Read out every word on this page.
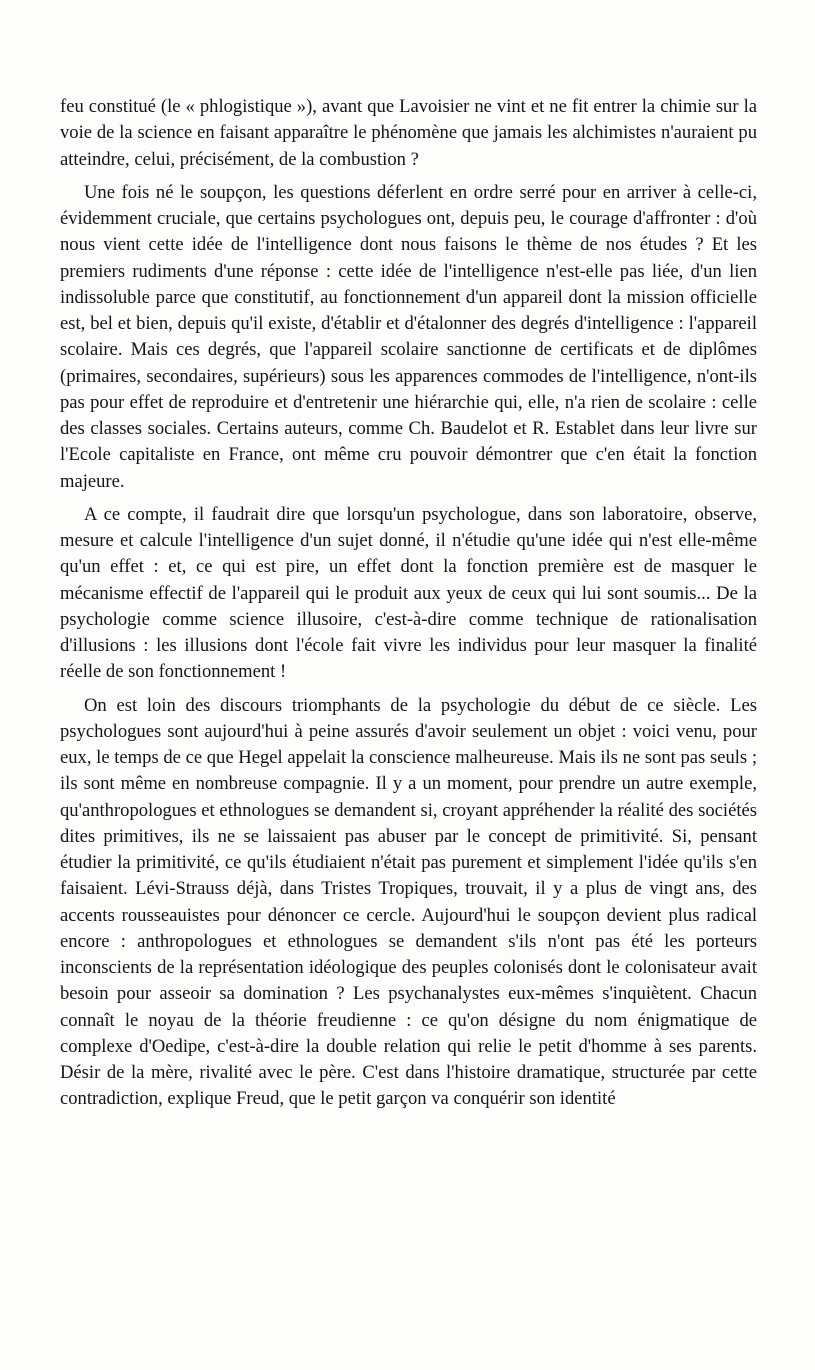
feu constitué (le « phlogistique »), avant que Lavoisier ne vint et ne fit entrer la chimie sur la voie de la science en faisant apparaître le phénomène que jamais les alchimistes n'auraient pu atteindre, celui, précisément, de la combustion ?

Une fois né le soupçon, les questions déferlent en ordre serré pour en arriver à celle-ci, évidemment cruciale, que certains psychologues ont, depuis peu, le courage d'affronter : d'où nous vient cette idée de l'intelligence dont nous faisons le thème de nos études ? Et les premiers rudiments d'une réponse : cette idée de l'intelligence n'est-elle pas liée, d'un lien indissoluble parce que constitutif, au fonctionnement d'un appareil dont la mission officielle est, bel et bien, depuis qu'il existe, d'établir et d'étalonner des degrés d'intelligence : l'appareil scolaire. Mais ces degrés, que l'appareil scolaire sanctionne de certificats et de diplômes (primaires, secondaires, supérieurs) sous les apparences commodes de l'intelligence, n'ont-ils pas pour effet de reproduire et d'entretenir une hiérarchie qui, elle, n'a rien de scolaire : celle des classes sociales. Certains auteurs, comme Ch. Baudelot et R. Establet dans leur livre sur l'Ecole capitaliste en France, ont même cru pouvoir démontrer que c'en était la fonction majeure.

A ce compte, il faudrait dire que lorsqu'un psychologue, dans son laboratoire, observe, mesure et calcule l'intelligence d'un sujet donné, il n'étudie qu'une idée qui n'est elle-même qu'un effet : et, ce qui est pire, un effet dont la fonction première est de masquer le mécanisme effectif de l'appareil qui le produit aux yeux de ceux qui lui sont soumis... De la psychologie comme science illusoire, c'est-à-dire comme technique de rationalisation d'illusions : les illusions dont l'école fait vivre les individus pour leur masquer la finalité réelle de son fonctionnement !

On est loin des discours triomphants de la psychologie du début de ce siècle. Les psychologues sont aujourd'hui à peine assurés d'avoir seulement un objet : voici venu, pour eux, le temps de ce que Hegel appelait la conscience malheureuse. Mais ils ne sont pas seuls ; ils sont même en nombreuse compagnie. Il y a un moment, pour prendre un autre exemple, qu'anthropologues et ethnologues se demandent si, croyant appréhender la réalité des sociétés dites primitives, ils ne se laissaient pas abuser par le concept de primitivité. Si, pensant étudier la primitivité, ce qu'ils étudiaient n'était pas purement et simplement l'idée qu'ils s'en faisaient. Lévi-Strauss déjà, dans Tristes Tropiques, trouvait, il y a plus de vingt ans, des accents rousseauistes pour dénoncer ce cercle. Aujourd'hui le soupçon devient plus radical encore : anthropologues et ethnologues se demandent s'ils n'ont pas été les porteurs inconscients de la représentation idéologique des peuples colonisés dont le colonisateur avait besoin pour asseoir sa domination ? Les psychanalystes eux-mêmes s'inquiètent. Chacun connaît le noyau de la théorie freudienne : ce qu'on désigne du nom énigmatique de complexe d'Oedipe, c'est-à-dire la double relation qui relie le petit d'homme à ses parents. Désir de la mère, rivalité avec le père. C'est dans l'histoire dramatique, structurée par cette contradiction, explique Freud, que le petit garçon va conquérir son identité
